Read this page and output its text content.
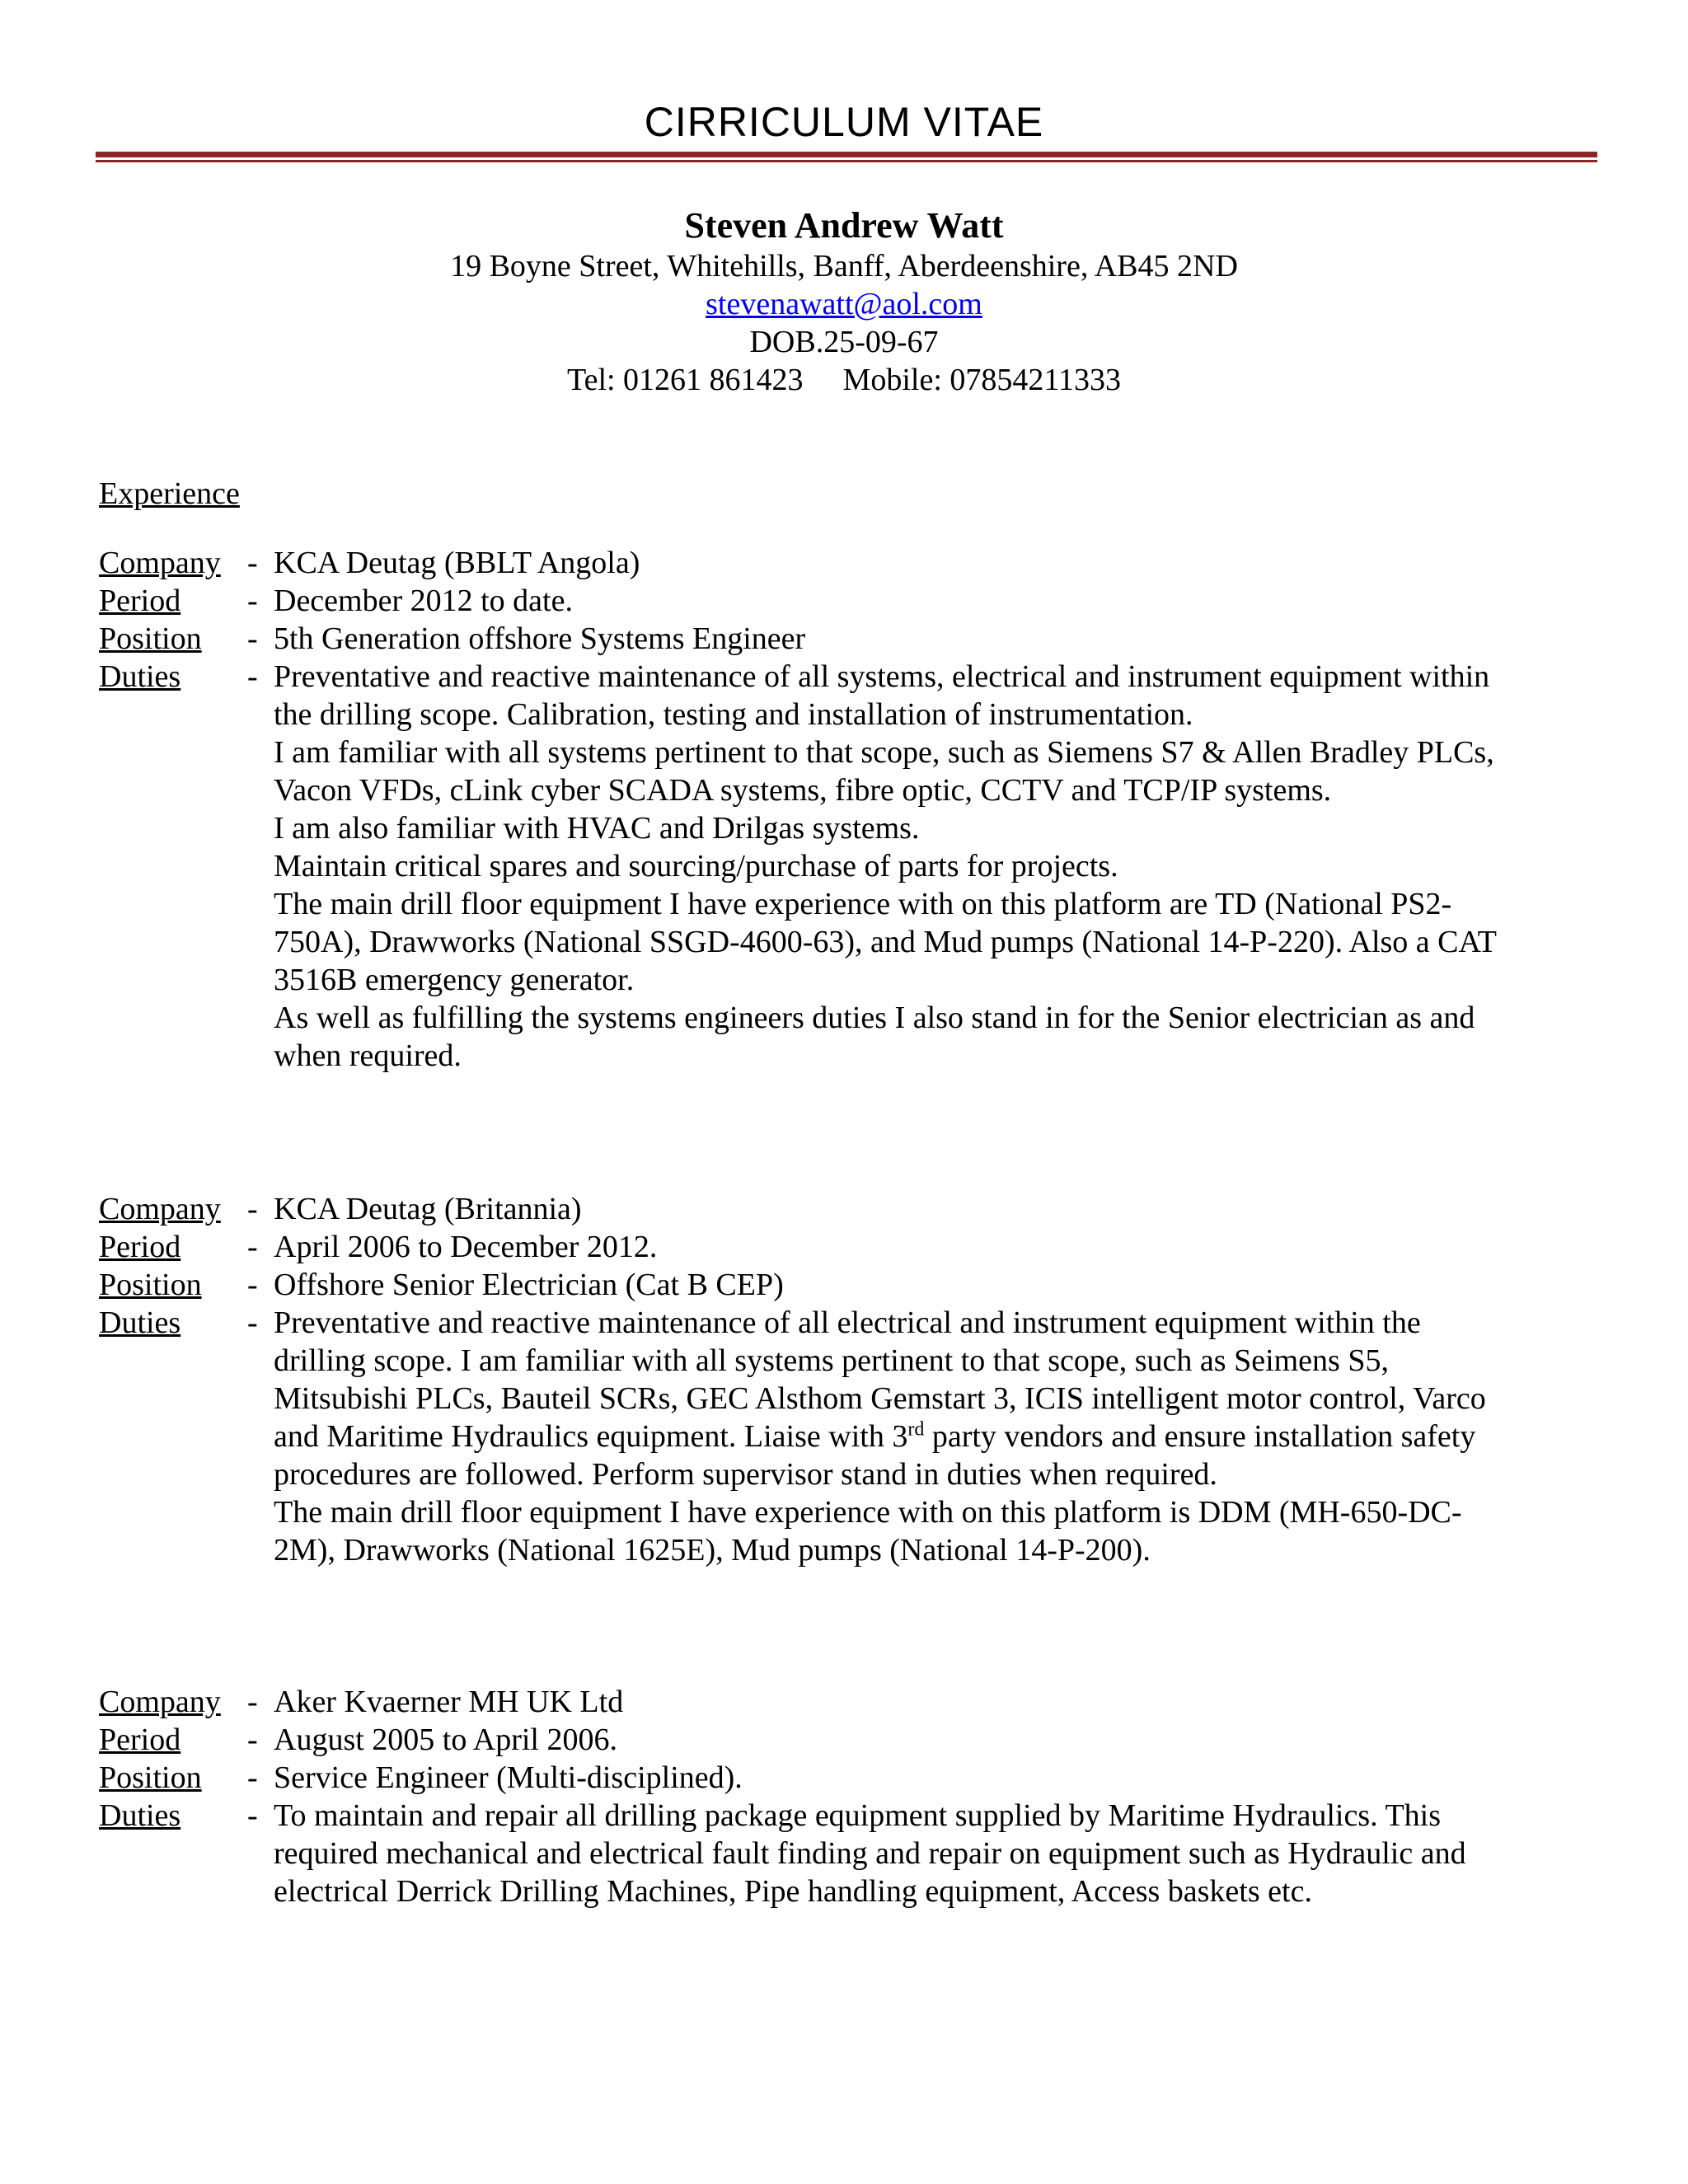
CIRRICULUM VITAE
Steven Andrew Watt
19 Boyne Street, Whitehills, Banff, Aberdeenshire, AB45 2ND
stevenawatt@aol.com
DOB.25-09-67
Tel: 01261 861423 Mobile: 07854211333
Experience
Company - KCA Deutag (BBLT Angola)
Period	- December 2012 to date.
Position	- 5th Generation offshore Systems Engineer
Duties	- Preventative and reactive maintenance of all systems, electrical and instrument equipment within

the drilling scope. Calibration, testing and installation of instrumentation.

I am familiar with all systems pertinent to that scope, such as Siemens S7 & Allen Bradley PLCs,

Vacon VFDs, cLink cyber SCADA systems, fibre optic, CCTV and TCP/IP systems.

I am also familiar with HVAC and Drilgas systems.

Maintain critical spares and sourcing/purchase of parts for projects.

The main drill floor equipment I have experience with on this platform are TD (National PS2-

750A), Drawworks (National SSGD-4600-63), and Mud pumps (National 14-P-220). Also a CAT

3516B emergency generator.

As well as fulfilling the systems engineers duties I also stand in for the Senior electrician as and

when required.

Company - KCA Deutag (Britannia)
Period	- April 2006 to December 2012.
Position	- Offshore Senior Electrician (Cat B CEP)
Duties	- Preventative and reactive maintenance of all electrical and instrument equipment within the

drilling scope. I am familiar with all systems pertinent to that scope, such as Seimens S5,

Mitsubishi PLCs, Bauteil SCRs, GEC Alsthom Gemstart 3, ICIS intelligent motor control, Varco

and Maritime Hydraulics equipment. Liaise with 3rd party vendors and ensure installation safety

procedures are followed. Perform supervisor stand in duties when required.

The main drill floor equipment I have experience with on this platform is DDM (MH-650-DC-

2M), Drawworks (National 1625E), Mud pumps (National 14-P-200).

Company - Aker Kvaerner MH UK Ltd
Period	- August 2005 to April 2006.
Position	- Service Engineer (Multi-disciplined).
Duties	- To maintain and repair all drilling package equipment supplied by Maritime Hydraulics. This

required mechanical and electrical fault finding and repair on equipment such as Hydraulic and

electrical Derrick Drilling Machines, Pipe handling equipment, Access baskets etc.
